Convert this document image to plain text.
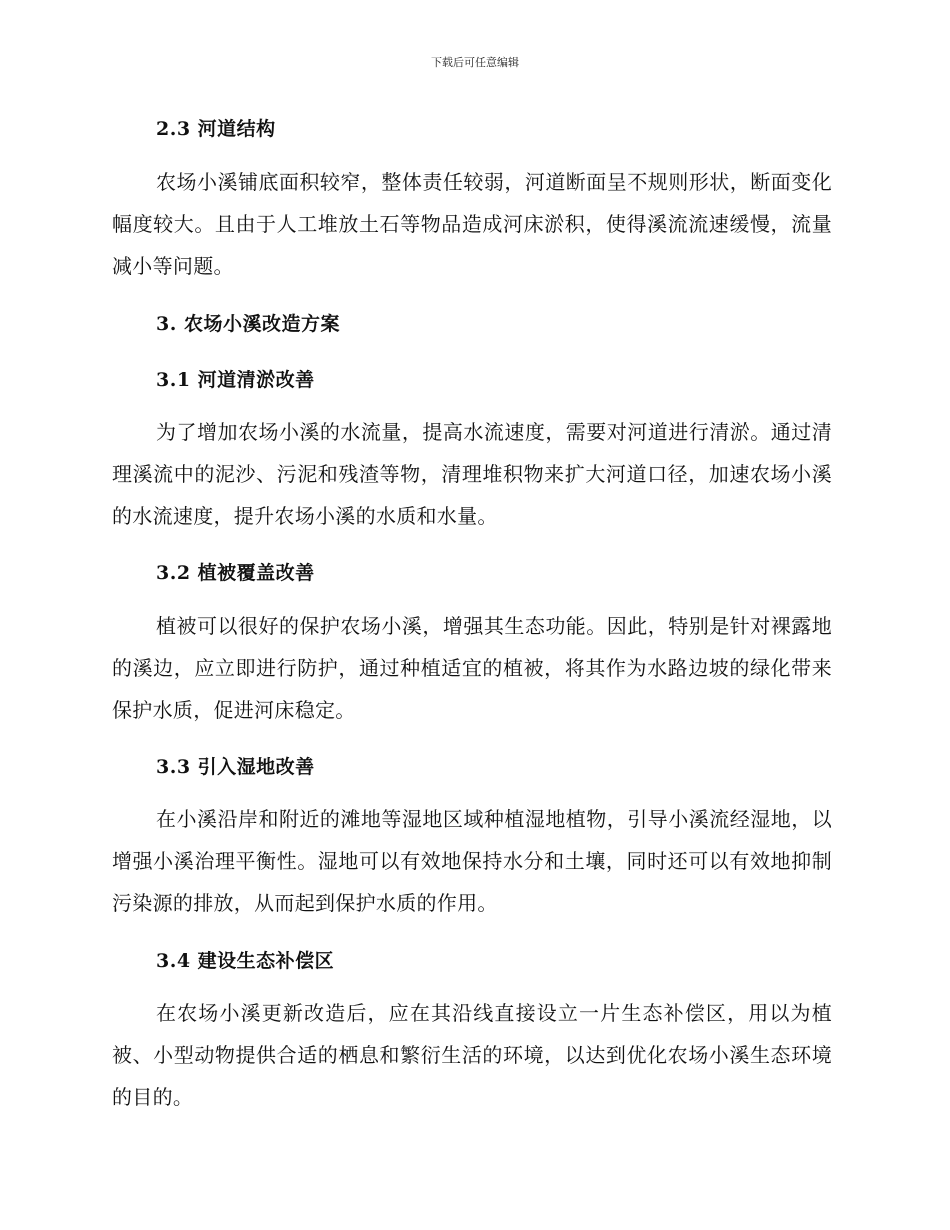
下载后可任意编辑
2.3 河道结构
农场小溪铺底面积较窄，整体责任较弱，河道断面呈不规则形状，断面变化幅度较大。且由于人工堆放土石等物品造成河床淤积，使得溪流流速缓慢，流量减小等问题。
3. 农场小溪改造方案
3.1 河道清淤改善
为了增加农场小溪的水流量，提高水流速度，需要对河道进行清淤。通过清理溪流中的泥沙、污泥和残渣等物，清理堆积物来扩大河道口径，加速农场小溪的水流速度，提升农场小溪的水质和水量。
3.2 植被覆盖改善
植被可以很好的保护农场小溪，增强其生态功能。因此，特别是针对裸露地的溪边，应立即进行防护，通过种植适宜的植被，将其作为水路边坡的绿化带来保护水质，促进河床稳定。
3.3 引入湿地改善
在小溪沿岸和附近的滩地等湿地区域种植湿地植物，引导小溪流经湿地，以增强小溪治理平衡性。湿地可以有效地保持水分和土壤，同时还可以有效地抑制污染源的排放，从而起到保护水质的作用。
3.4 建设生态补偿区
在农场小溪更新改造后，应在其沿线直接设立一片生态补偿区，用以为植被、小型动物提供合适的栖息和繁衍生活的环境，以达到优化农场小溪生态环境的目的。
